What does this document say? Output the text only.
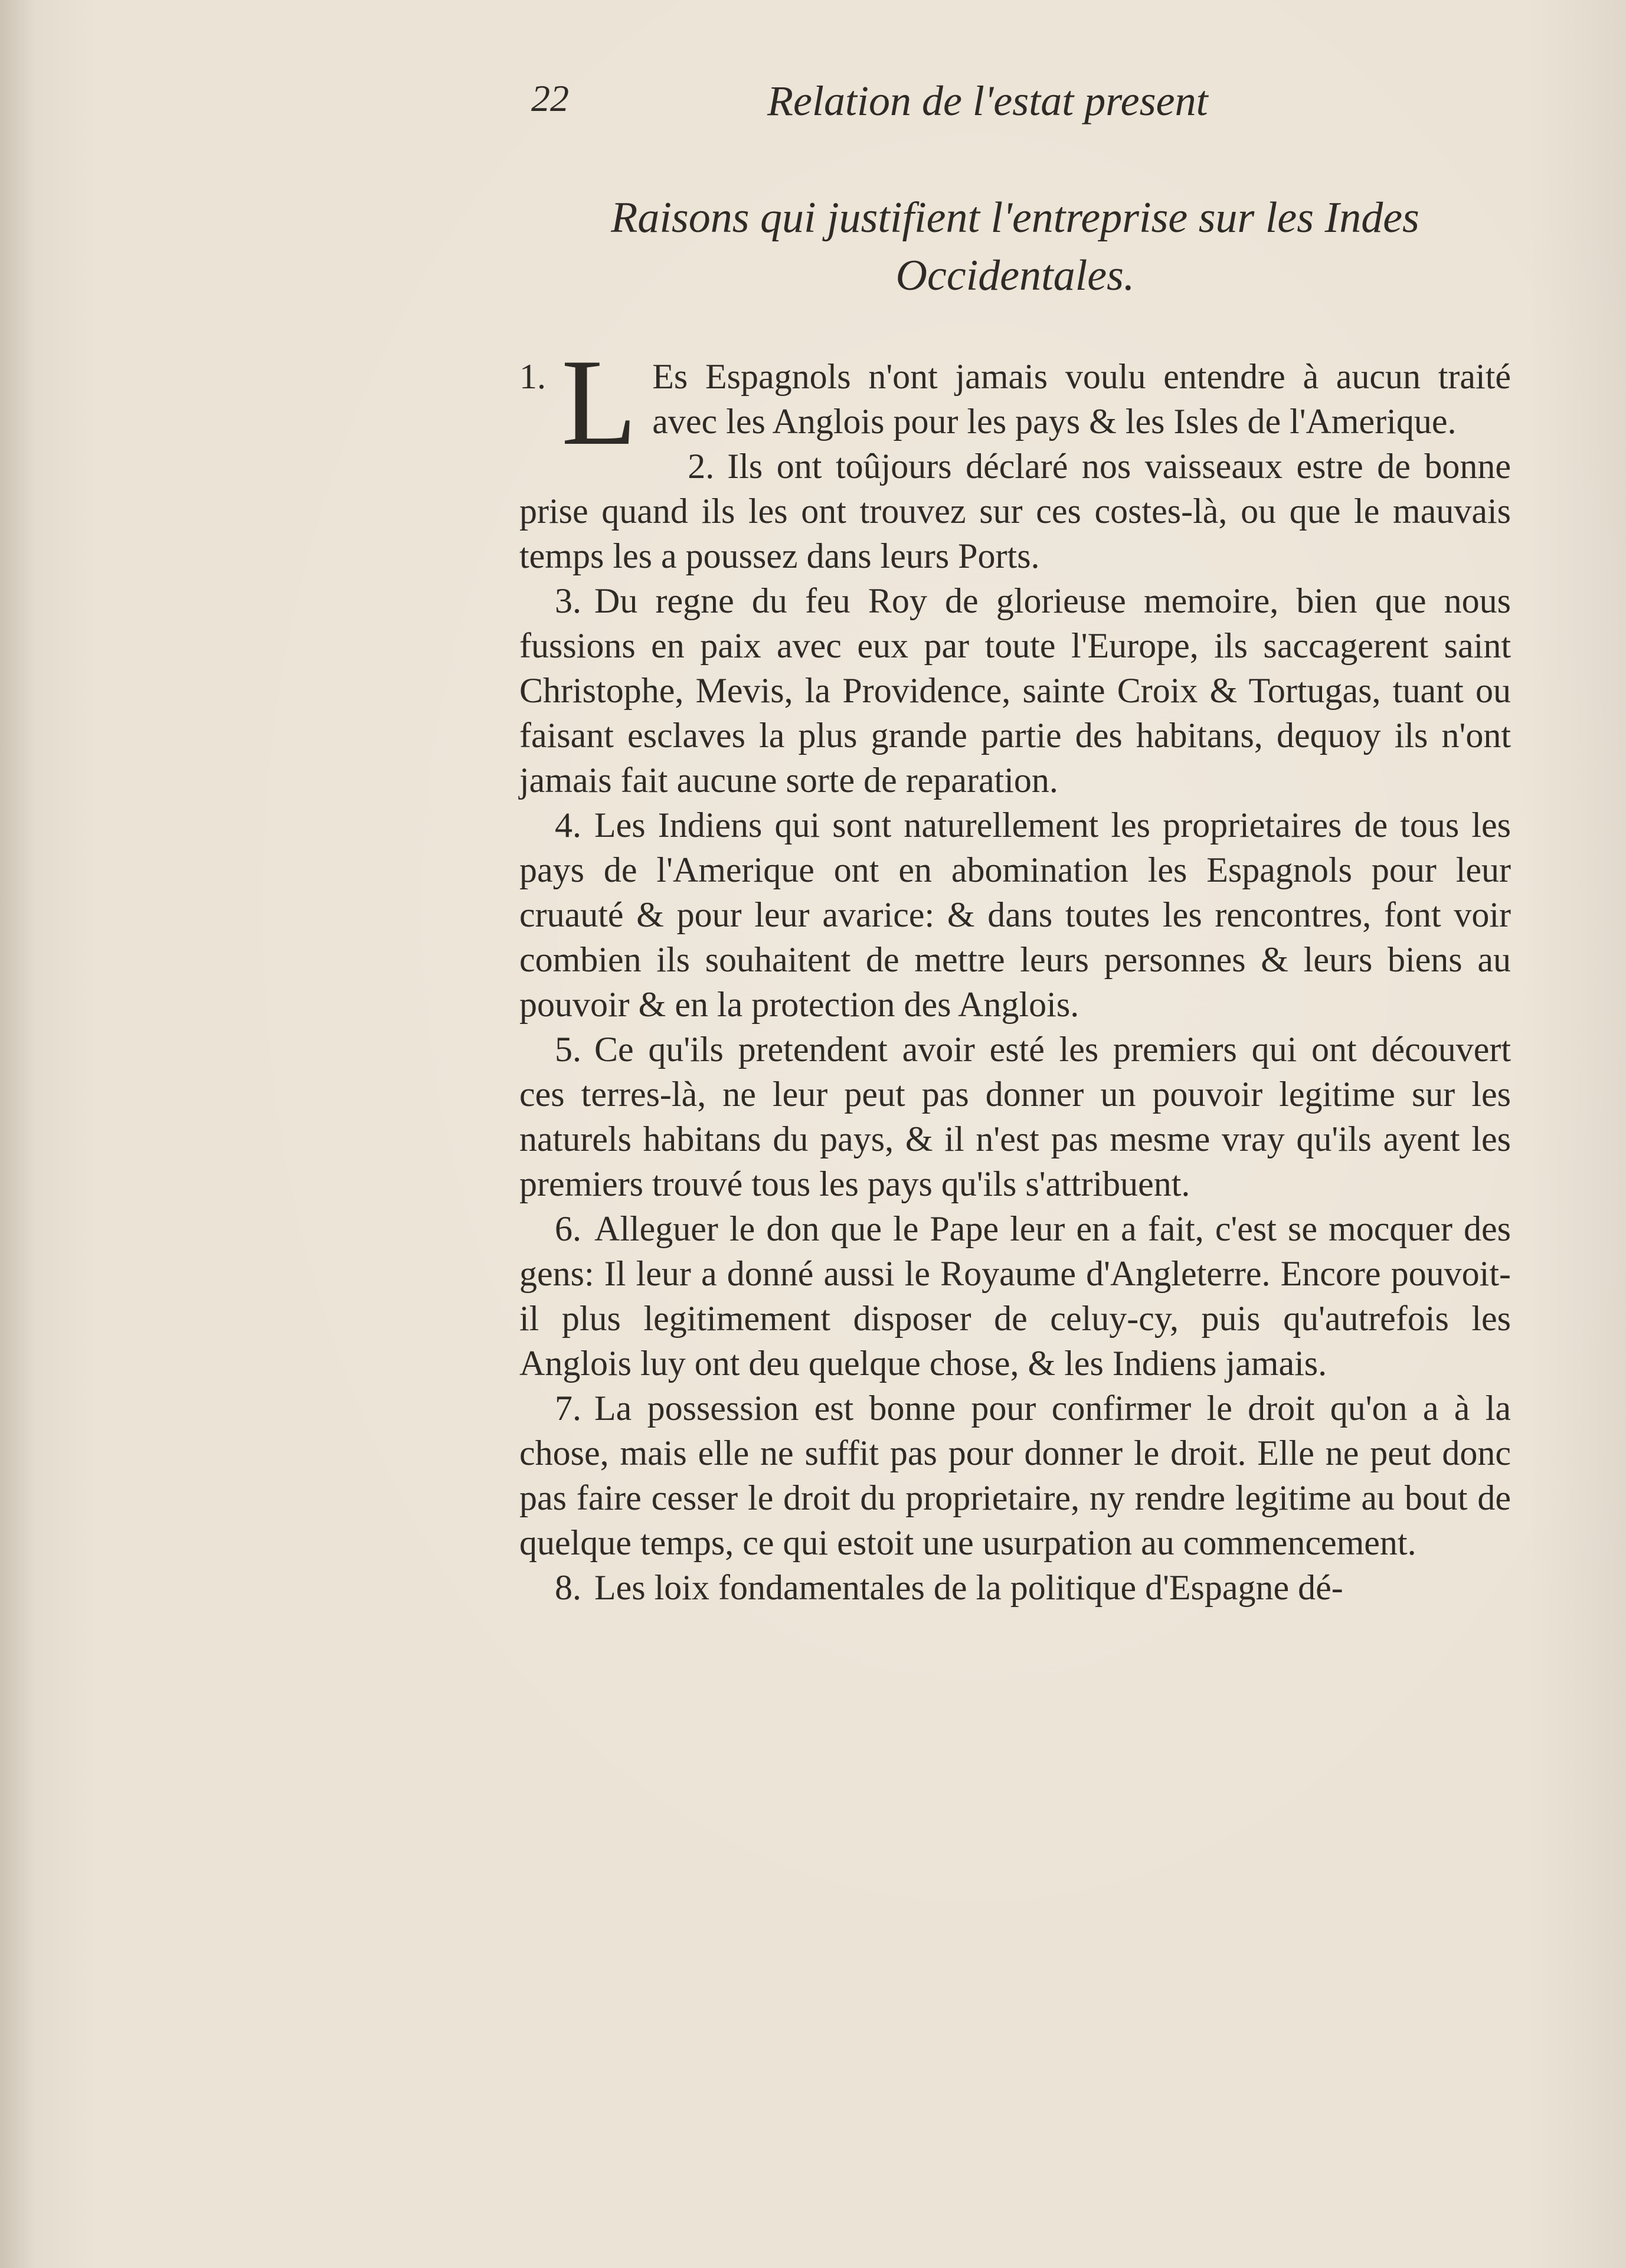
22	Relation de l'estat present
Raisons qui justifient l'entreprise sur les Indes
Occidentales.

1. L Es Espagnols n'ont jamais voulu entendre à aucun traité avec les Anglois pour les pays & les Isles de l'Amerique.

2. Ils ont toûjours déclaré nos vaisseaux estre de bonne prise quand ils les ont trouvez sur ces costes-là, ou que le mauvais temps les a poussez dans leurs Ports.

3. Du regne du feu Roy de glorieuse memoire, bien que nous fussions en paix avec eux par toute l'Europe, ils saccagerent saint Christophe, Mevis, la Providence, sainte Croix & Tortugas, tuant ou faisant esclaves la plus grande partie des habitans, dequoy ils n'ont jamais fait aucune sorte de reparation.

4. Les Indiens qui sont naturellement les proprietaires de tous les pays de l'Amerique ont en abomination les Espagnols pour leur cruauté & pour leur avarice: & dans toutes les rencontres, font voir combien ils souhaitent de mettre leurs personnes & leurs biens au pouvoir & en la protection des Anglois.

5. Ce qu'ils pretendent avoir esté les premiers qui ont découvert ces terres-là, ne leur peut pas donner un pouvoir legitime sur les naturels habitans du pays, & il n'est pas mesme vray qu'ils ayent les premiers trouvé tous les pays qu'ils s'attribuent.

6. Alleguer le don que le Pape leur en a fait, c'est se mocquer des gens: Il leur a donné aussi le Royaume d'Angleterre. Encore pouvoit-il plus legitimement disposer de celuy-cy, puis qu'autrefois les Anglois luy ont deu quelque chose, & les Indiens jamais.

7. La possession est bonne pour confirmer le droit qu'on a à la chose, mais elle ne suffit pas pour donner le droit. Elle ne peut donc pas faire cesser le droit du proprietaire, ny rendre legitime au bout de quelque temps, ce qui estoit une usurpation au commencement.

8. Les loix fondamentales de la politique d'Espagne dé-
